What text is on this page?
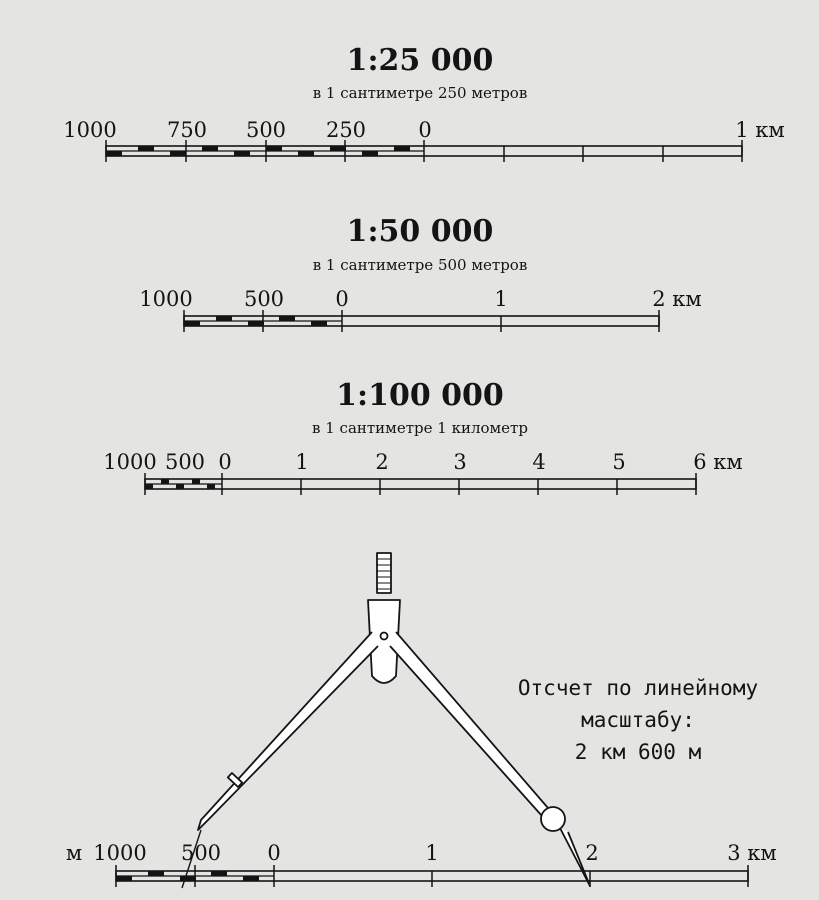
1:25 000
в 1 сантиметре 250 метров
1000 750 500 250 0	1 км
1:50 000
в 1 сантиметре 500 метров
1000 500 0	1	2 км
1:100 000
в 1 сантиметре 1 километр
1000 500 0	1	2	3	4	5	6 км
Отсчет по линейному
масштабу:
2 км 600 м
м 1000 500 0	1	2	3 км
